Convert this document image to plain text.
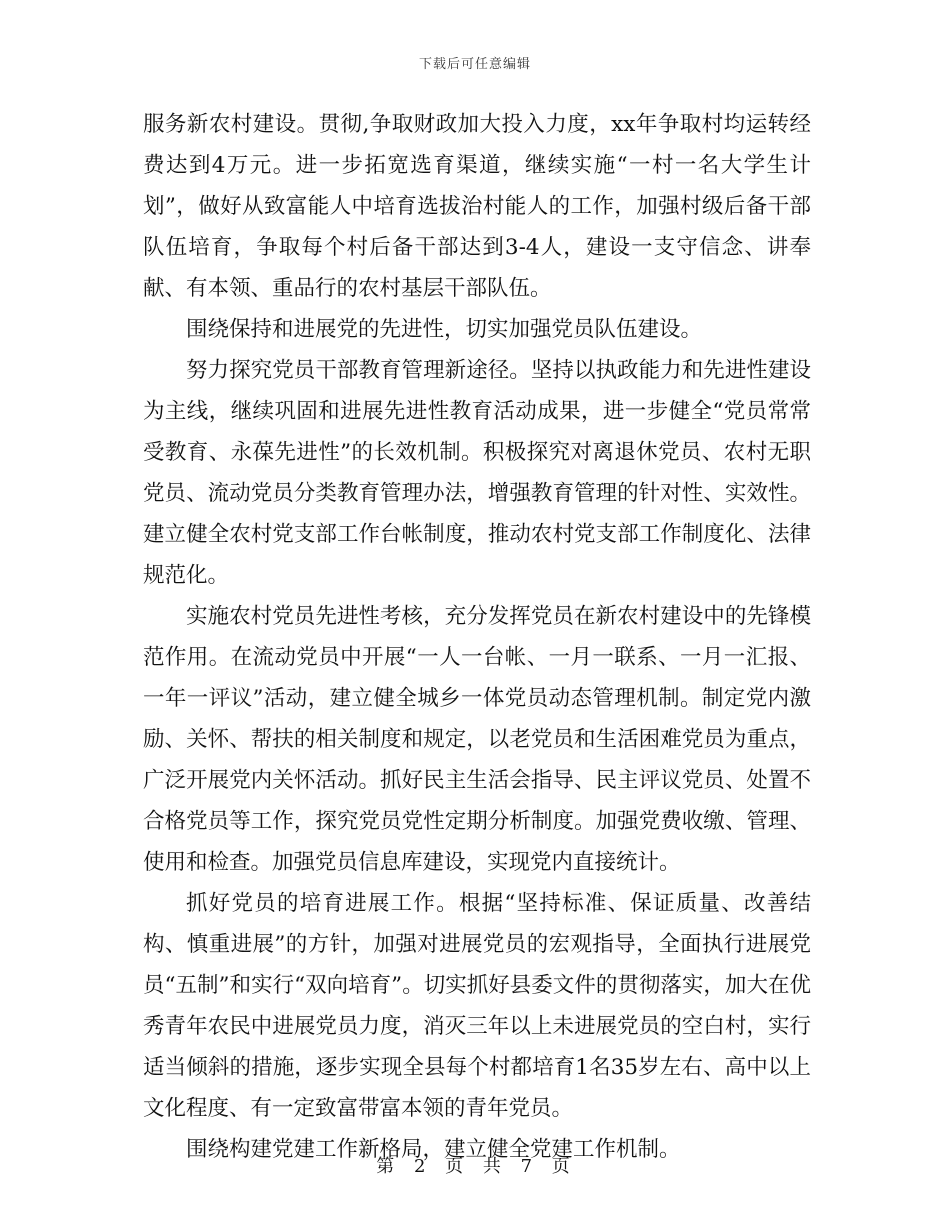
下载后可任意编辑

服务新农村建设。贯彻,争取财政加大投入力度，xx年争取村均运转经费达到4万元。进一步拓宽选育渠道，继续实施“一村一名大学生计划”，做好从致富能人中培育选拔治村能人的工作，加强村级后备干部队伍培育，争取每个村后备干部达到3-4人，建设一支守信念、讲奉献、有本领、重品行的农村基层干部队伍。

围绕保持和进展党的先进性，切实加强党员队伍建设。

努力探究党员干部教育管理新途径。坚持以执政能力和先进性建设为主线，继续巩固和进展先进性教育活动成果，进一步健全“党员常常受教育、永葆先进性”的长效机制。积极探究对离退休党员、农村无职党员、流动党员分类教育管理办法，增强教育管理的针对性、实效性。建立健全农村党支部工作台帐制度，推动农村党支部工作制度化、法律规范化。

实施农村党员先进性考核，充分发挥党员在新农村建设中的先锋模范作用。在流动党员中开展“一人一台帐、一月一联系、一月一汇报、一年一评议”活动，建立健全城乡一体党员动态管理机制。制定党内激励、关怀、帮扶的相关制度和规定，以老党员和生活困难党员为重点，广泛开展党内关怀活动。抓好民主生活会指导、民主评议党员、处置不合格党员等工作，探究党员党性定期分析制度。加强党费收缴、管理、使用和检查。加强党员信息库建设，实现党内直接统计。

抓好党员的培育进展工作。根据“坚持标准、保证质量、改善结构、慎重进展”的方针，加强对进展党员的宏观指导，全面执行进展党员“五制”和实行“双向培育”。切实抓好县委文件的贯彻落实，加大在优秀青年农民中进展党员力度，消灭三年以上未进展党员的空白村，实行适当倾斜的措施，逐步实现全县每个村都培育1名35岁左右、高中以上文化程度、有一定致富带富本领的青年党员。

围绕构建党建工作新格局，建立健全党建工作机制。

第 2 页 共 7 页
